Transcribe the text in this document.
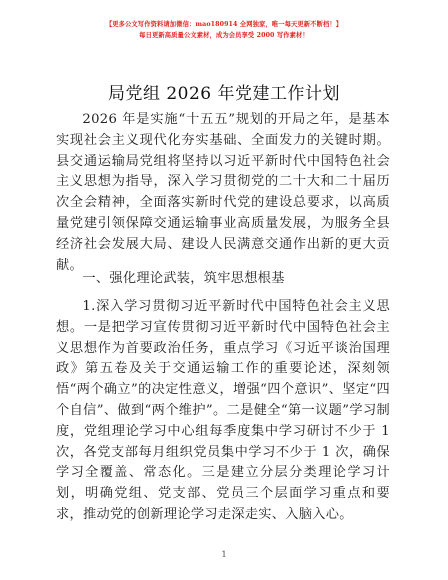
【更多公文写作资料请加微信：mao180914 全网独家，唯一每天更新不断档！】
每日更新高质量公文素材，成为会员享受 2000 写作素材！
局党组 2026 年党建工作计划

2026 年是实施“十五五”规划的开局之年，是基本实现社会主义现代化夯实基础、全面发力的关键时期。县交通运输局党组将坚持以习近平新时代中国特色社会主义思想为指导，深入学习贯彻党的二十大和二十届历次全会精神，全面落实新时代党的建设总要求，以高质量党建引领保障交通运输事业高质量发展，为服务全县经济社会发展大局、建设人民满意交通作出新的更大贡献。

一、强化理论武装，筑牢思想根基

1.深入学习贯彻习近平新时代中国特色社会主义思想。一是把学习宣传贯彻习近平新时代中国特色社会主义思想作为首要政治任务，重点学习《习近平谈治国理政》第五卷及关于交通运输工作的重要论述，深刻领悟“两个确立”的决定性意义，增强“四个意识”、坚定“四个自信”、做到“两个维护”。二是健全“第一议题”学习制度，党组理论学习中心组每季度集中学习研讨不少于 1 次，各党支部每月组织党员集中学习不少于 1 次，确保学习全覆盖、常态化。三是建立分层分类理论学习计划，明确党组、党支部、党员三个层面学习重点和要求，推动党的创新理论学习走深走实、入脑入心。

1
